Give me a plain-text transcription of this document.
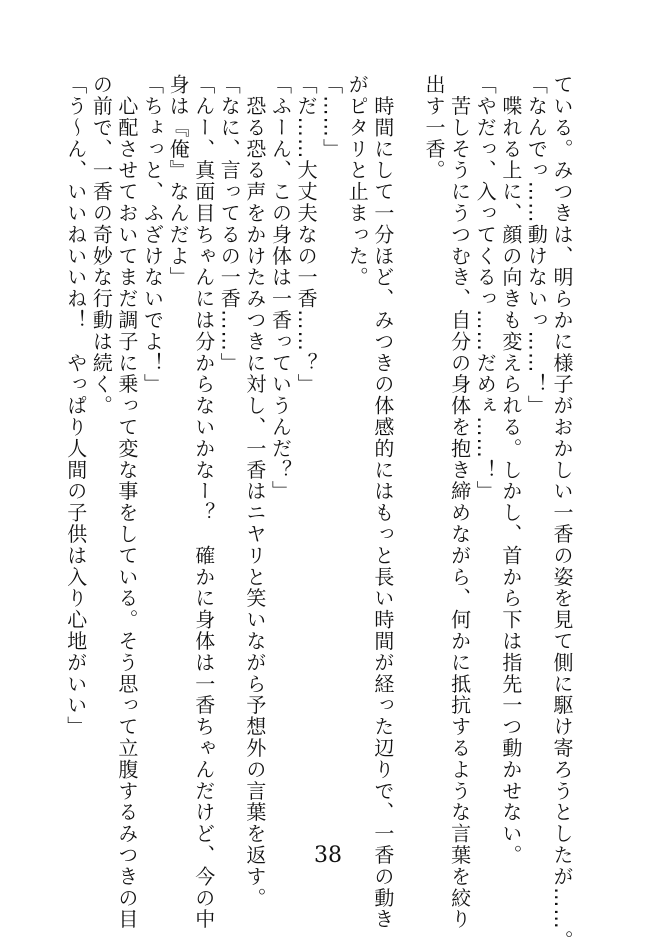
ている。みつきは、明らかに様子がおかしい一香の姿を見て側に駆け寄ろうとしたが……。
「なんでっ……動けないっ……！」
　喋れる上に、顔の向きも変えられる。しかし、首から下は指先一つ動かせない。
「やだっ、入ってくるっ……だめぇ……！」
　苦しそうにうつむき、自分の身体を抱き締めながら、何かに抵抗するような言葉を絞り
出す一香。

　時間にして一分ほど、みつきの体感的にはもっと長い時間が経った辺りで、一香の動き
がピタリと止まった。
「……」
「だ……大丈夫なの一香……？」
「ふーん、この身体は一香っていうんだ？」
　恐る恐る声をかけたみつきに対し、一香はニヤリと笑いながら予想外の言葉を返す。
「なに、言ってるの一香……」
「んー、真面目ちゃんには分からないかなー？　確かに身体は一香ちゃんだけど、今の中
身は『俺』なんだよ」
「ちょっと、ふざけないでよ！」
　心配させておいてまだ調子に乗って変な事をしている。そう思って立腹するみつきの目
の前で、一香の奇妙な行動は続く。
「う～ん、いいねいいね！　やっぱり人間の子供は入り心地がいい」
38
